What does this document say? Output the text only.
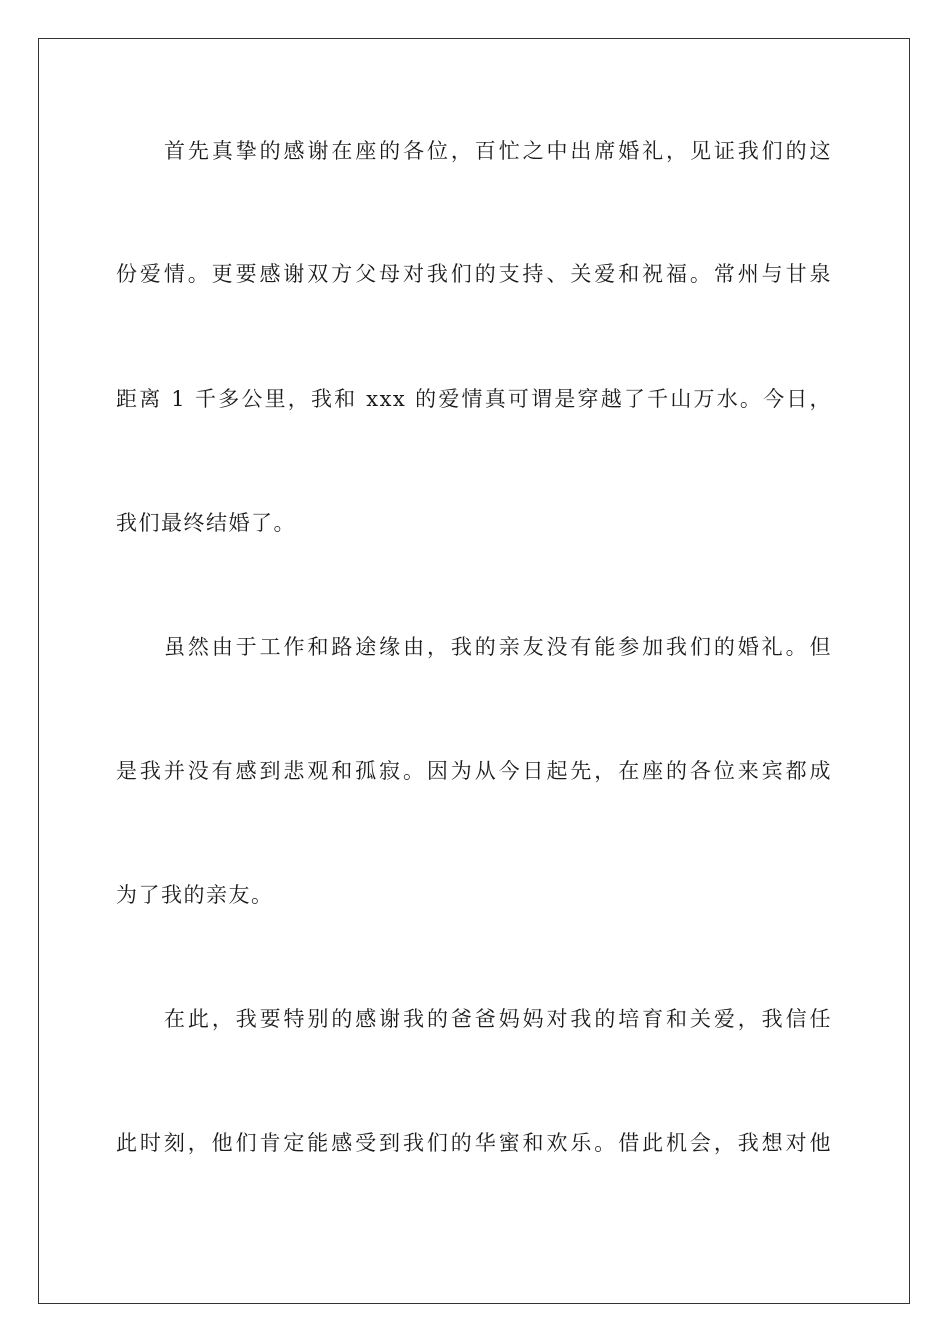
首先真挚的感谢在座的各位，百忙之中出席婚礼，见证我们的这
份爱情。更要感谢双方父母对我们的支持、关爱和祝福。常州与甘泉
距离 1 千多公里，我和 xxx 的爱情真可谓是穿越了千山万水。今日，
我们最终结婚了。
虽然由于工作和路途缘由，我的亲友没有能参加我们的婚礼。但
是我并没有感到悲观和孤寂。因为从今日起先，在座的各位来宾都成
为了我的亲友。
在此，我要特别的感谢我的爸爸妈妈对我的培育和关爱，我信任
此时刻，他们肯定能感受到我们的华蜜和欢乐。借此机会，我想对他
